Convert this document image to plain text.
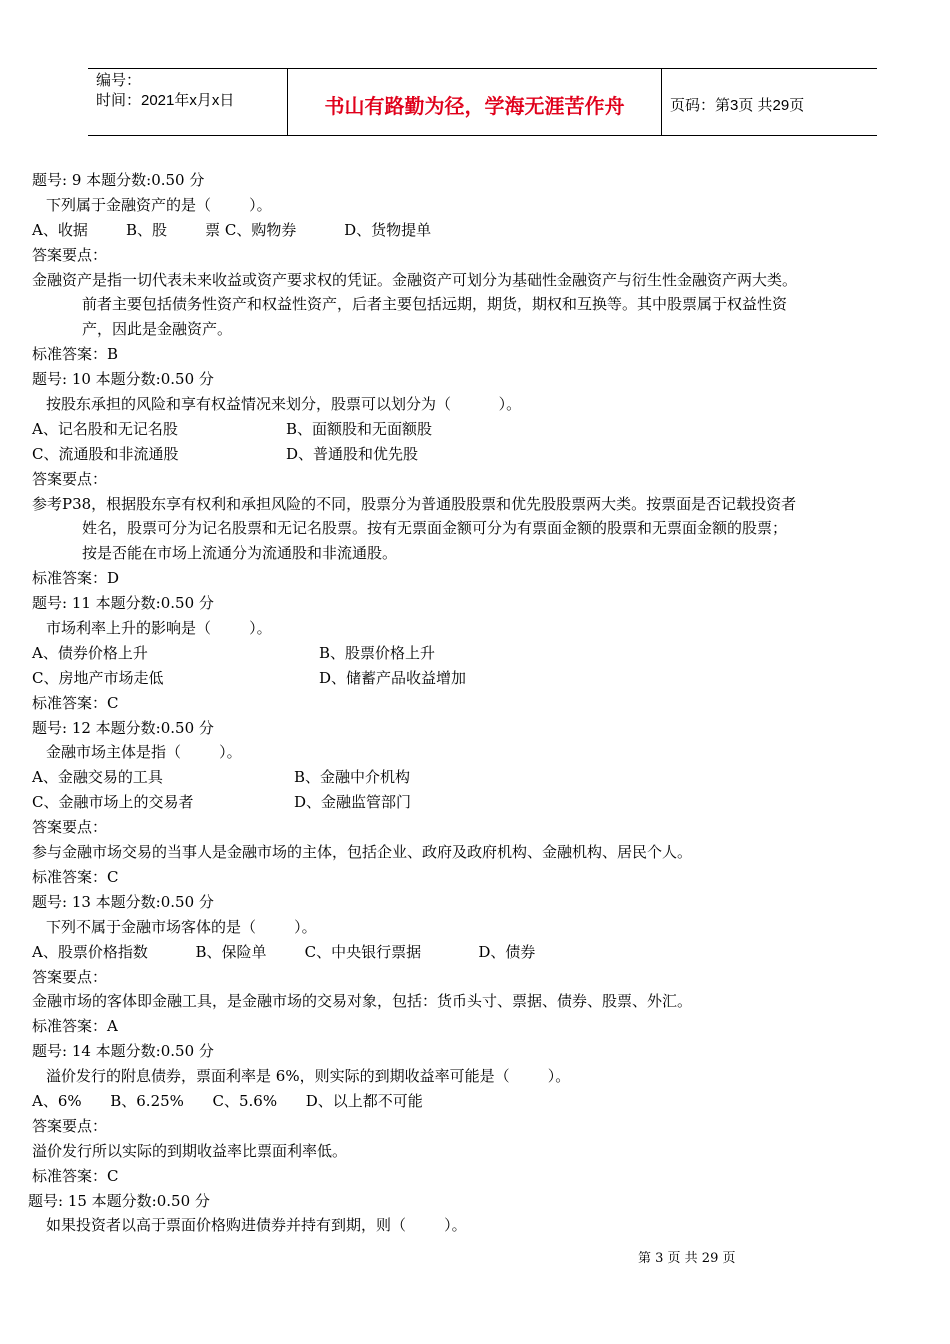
编号：
时间：2021年x月x日	书山有路勤为径，学海无涯苦作舟	页码：第3页 共29页
题号: 9 本题分数:0.50 分
下列属于金融资产的是（        ）。
A、收据        B、股        票 C、购物券          D、货物提单
答案要点：
金融资产是指一切代表未来收益或资产要求权的凭证。金融资产可划分为基础性金融资产与衍生性金融资产两大类。
前者主要包括债务性资产和权益性资产，后者主要包括远期，期货，期权和互换等。其中股票属于权益性资
产，因此是金融资产。
标准答案：B
题号: 10 本题分数:0.50 分
按股东承担的风险和享有权益情况来划分，股票可以划分为（          ）。
A、记名股和无记名股	B、面额股和无面额股
C、流通股和非流通股	D、普通股和优先股
答案要点：
参考P38，根据股东享有权利和承担风险的不同，股票分为普通股股票和优先股股票两大类。按票面是否记载投资者
姓名，股票可分为记名股票和无记名股票。按有无票面金额可分为有票面金额的股票和无票面金额的股票；
按是否能在市场上流通分为流通股和非流通股。
标准答案：D
题号: 11 本题分数:0.50 分
市场利率上升的影响是（        ）。
A、债券价格上升	B、股票价格上升
C、房地产市场走低	D、储蓄产品收益增加
标准答案：C
题号: 12 本题分数:0.50 分
金融市场主体是指（        ）。
A、金融交易的工具	B、金融中介机构
C、金融市场上的交易者	D、金融监管部门
答案要点：
参与金融市场交易的当事人是金融市场的主体，包括企业、政府及政府机构、金融机构、居民个人。
标准答案：C
题号: 13 本题分数:0.50 分
下列不属于金融市场客体的是（        ）。
A、股票价格指数          B、保险单        C、中央银行票据            D、债券
答案要点：
金融市场的客体即金融工具，是金融市场的交易对象，包括：货币头寸、票据、债券、股票、外汇。
标准答案：A
题号: 14 本题分数:0.50 分
溢价发行的附息债券，票面利率是 6%，则实际的到期收益率可能是（        ）。
A、6%      B、6.25%      C、5.6%      D、以上都不可能
答案要点：
溢价发行所以实际的到期收益率比票面利率低。
标准答案：C
题号: 15 本题分数:0.50 分
如果投资者以高于票面价格购进债券并持有到期，则（        ）。
第 3 页 共 29 页
